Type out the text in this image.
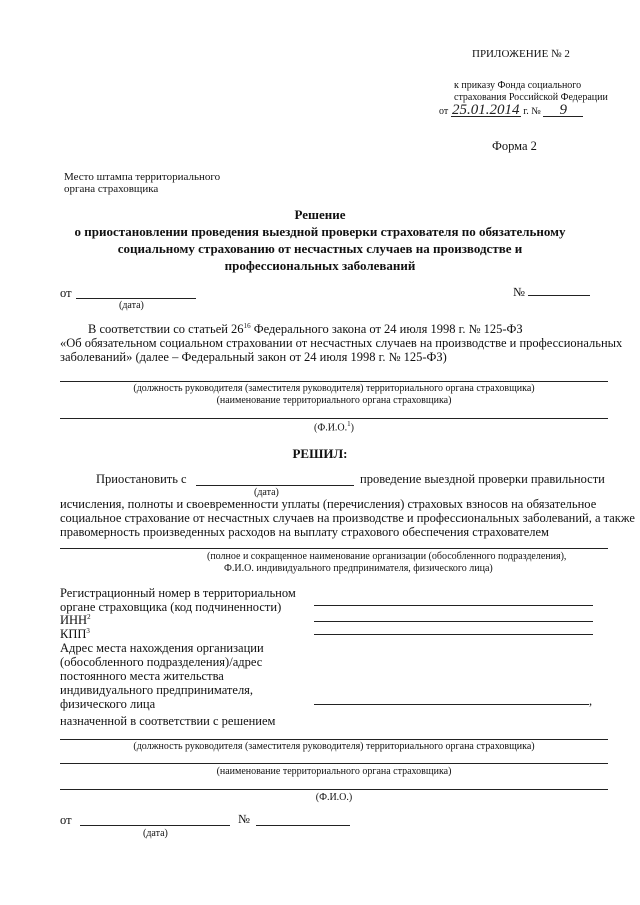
ПРИЛОЖЕНИЕ № 2
к приказу Фонда социального
страхования Российской Федерации
от 25.01.2014 г. № 9
Форма 2
Место штампа территориального
органа страховщика
Решение
о приостановлении проведения выездной проверки страхователя по обязательному
социальному страхованию от несчастных случаев на производстве и
профессиональных заболеваний
от
(дата)
№
В соответствии со статьей $26^{16}$ Федерального закона от 24 июля 1998 г. № 125-ФЗ
«Об обязательном социальном страховании от несчастных случаев на производстве и профессиональных
заболеваний» (далее – Федеральный закон от 24 июля 1998 г. № 125-ФЗ)
(должность руководителя (заместителя руководителя) территориального органа страховщика)
(наименование территориального органа страховщика)
(Ф.И.О.$^1$)
РЕШИЛ:
Приостановить с	проведение выездной проверки правильности
(дата)
исчисления, полноты и своевременности уплаты (перечисления) страховых взносов на обязательное
социальное страхование от несчастных случаев на производстве и профессиональных заболеваний, а также
правомерность произведенных расходов на выплату страхового обеспечения страхователем
(полное и сокращенное наименование организации (обособленного подразделения),
Ф.И.О. индивидуального предпринимателя, физического лица)
Регистрационный номер в территориальном
органе страховщика (код подчиненности)
ИНН$^2$
КПП$^3$
Адрес места нахождения организации
(обособленного подразделения)/адрес
постоянного места жительства
индивидуального предпринимателя,
физического лица	,
назначенной в соответствии с решением
(должность руководителя (заместителя руководителя) территориального органа страховщика)
(наименование территориального органа страховщика)
(Ф.И.О.)
от
(дата)
№
